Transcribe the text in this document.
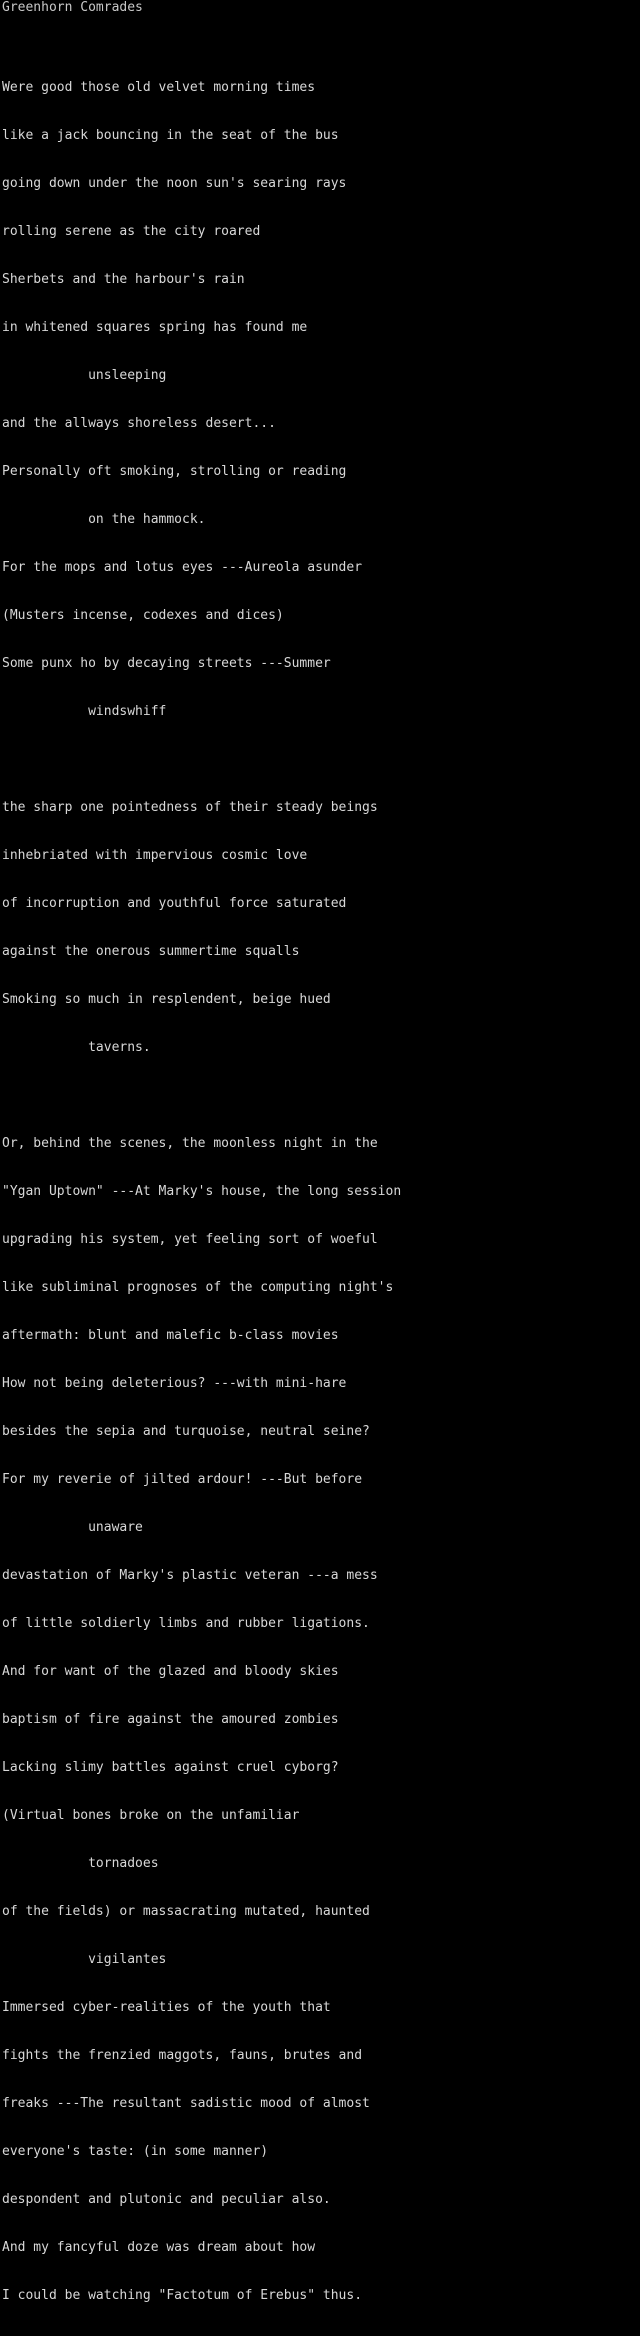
Greenhorn Comrades

Were good those old velvet morning times

like a jack bouncing in the seat of the bus

going down under the noon sun's searing rays

rolling serene as the city roared

Sherbets and the harbour's rain

in whitened squares spring has found me

unsleeping

and the allways shoreless desert...

Personally oft smoking, strolling or reading

on the hammock.

For the mops and lotus eyes ---Aureola asunder

(Musters incense, codexes and dices)

Some punx ho by decaying streets ---Summer

windswhiff

the sharp one pointedness of their steady beings

inhebriated with impervious cosmic love

of incorruption and youthful force saturated

against the onerous summertime squalls

Smoking so much in resplendent, beige hued

taverns.

Or, behind the scenes, the moonless night in the

"Ygan Uptown" ---At Marky's house, the long session

upgrading his system, yet feeling sort of woeful

like subliminal prognoses of the computing night's

aftermath: blunt and malefic b-class movies

How not being deleterious? ---with mini-hare

besides the sepia and turquoise, neutral seine?

For my reverie of jilted ardour! ---But before

unaware

devastation of Marky's plastic veteran ---a mess

of little soldierly limbs and rubber ligations.

And for want of the glazed and bloody skies

baptism of fire against the amoured zombies

Lacking slimy battles against cruel cyborg?

(Virtual bones broke on the unfamiliar

tornadoes

of the fields) or massacrating mutated, haunted

vigilantes

Immersed cyber-realities of the youth that

fights the frenzied maggots, fauns, brutes and

freaks ---The resultant sadistic mood of almost

everyone's taste: (in some manner)

despondent and plutonic and peculiar also.

And my fancyful doze was dream about how

I could be watching "Factotum of Erebus" thus.
